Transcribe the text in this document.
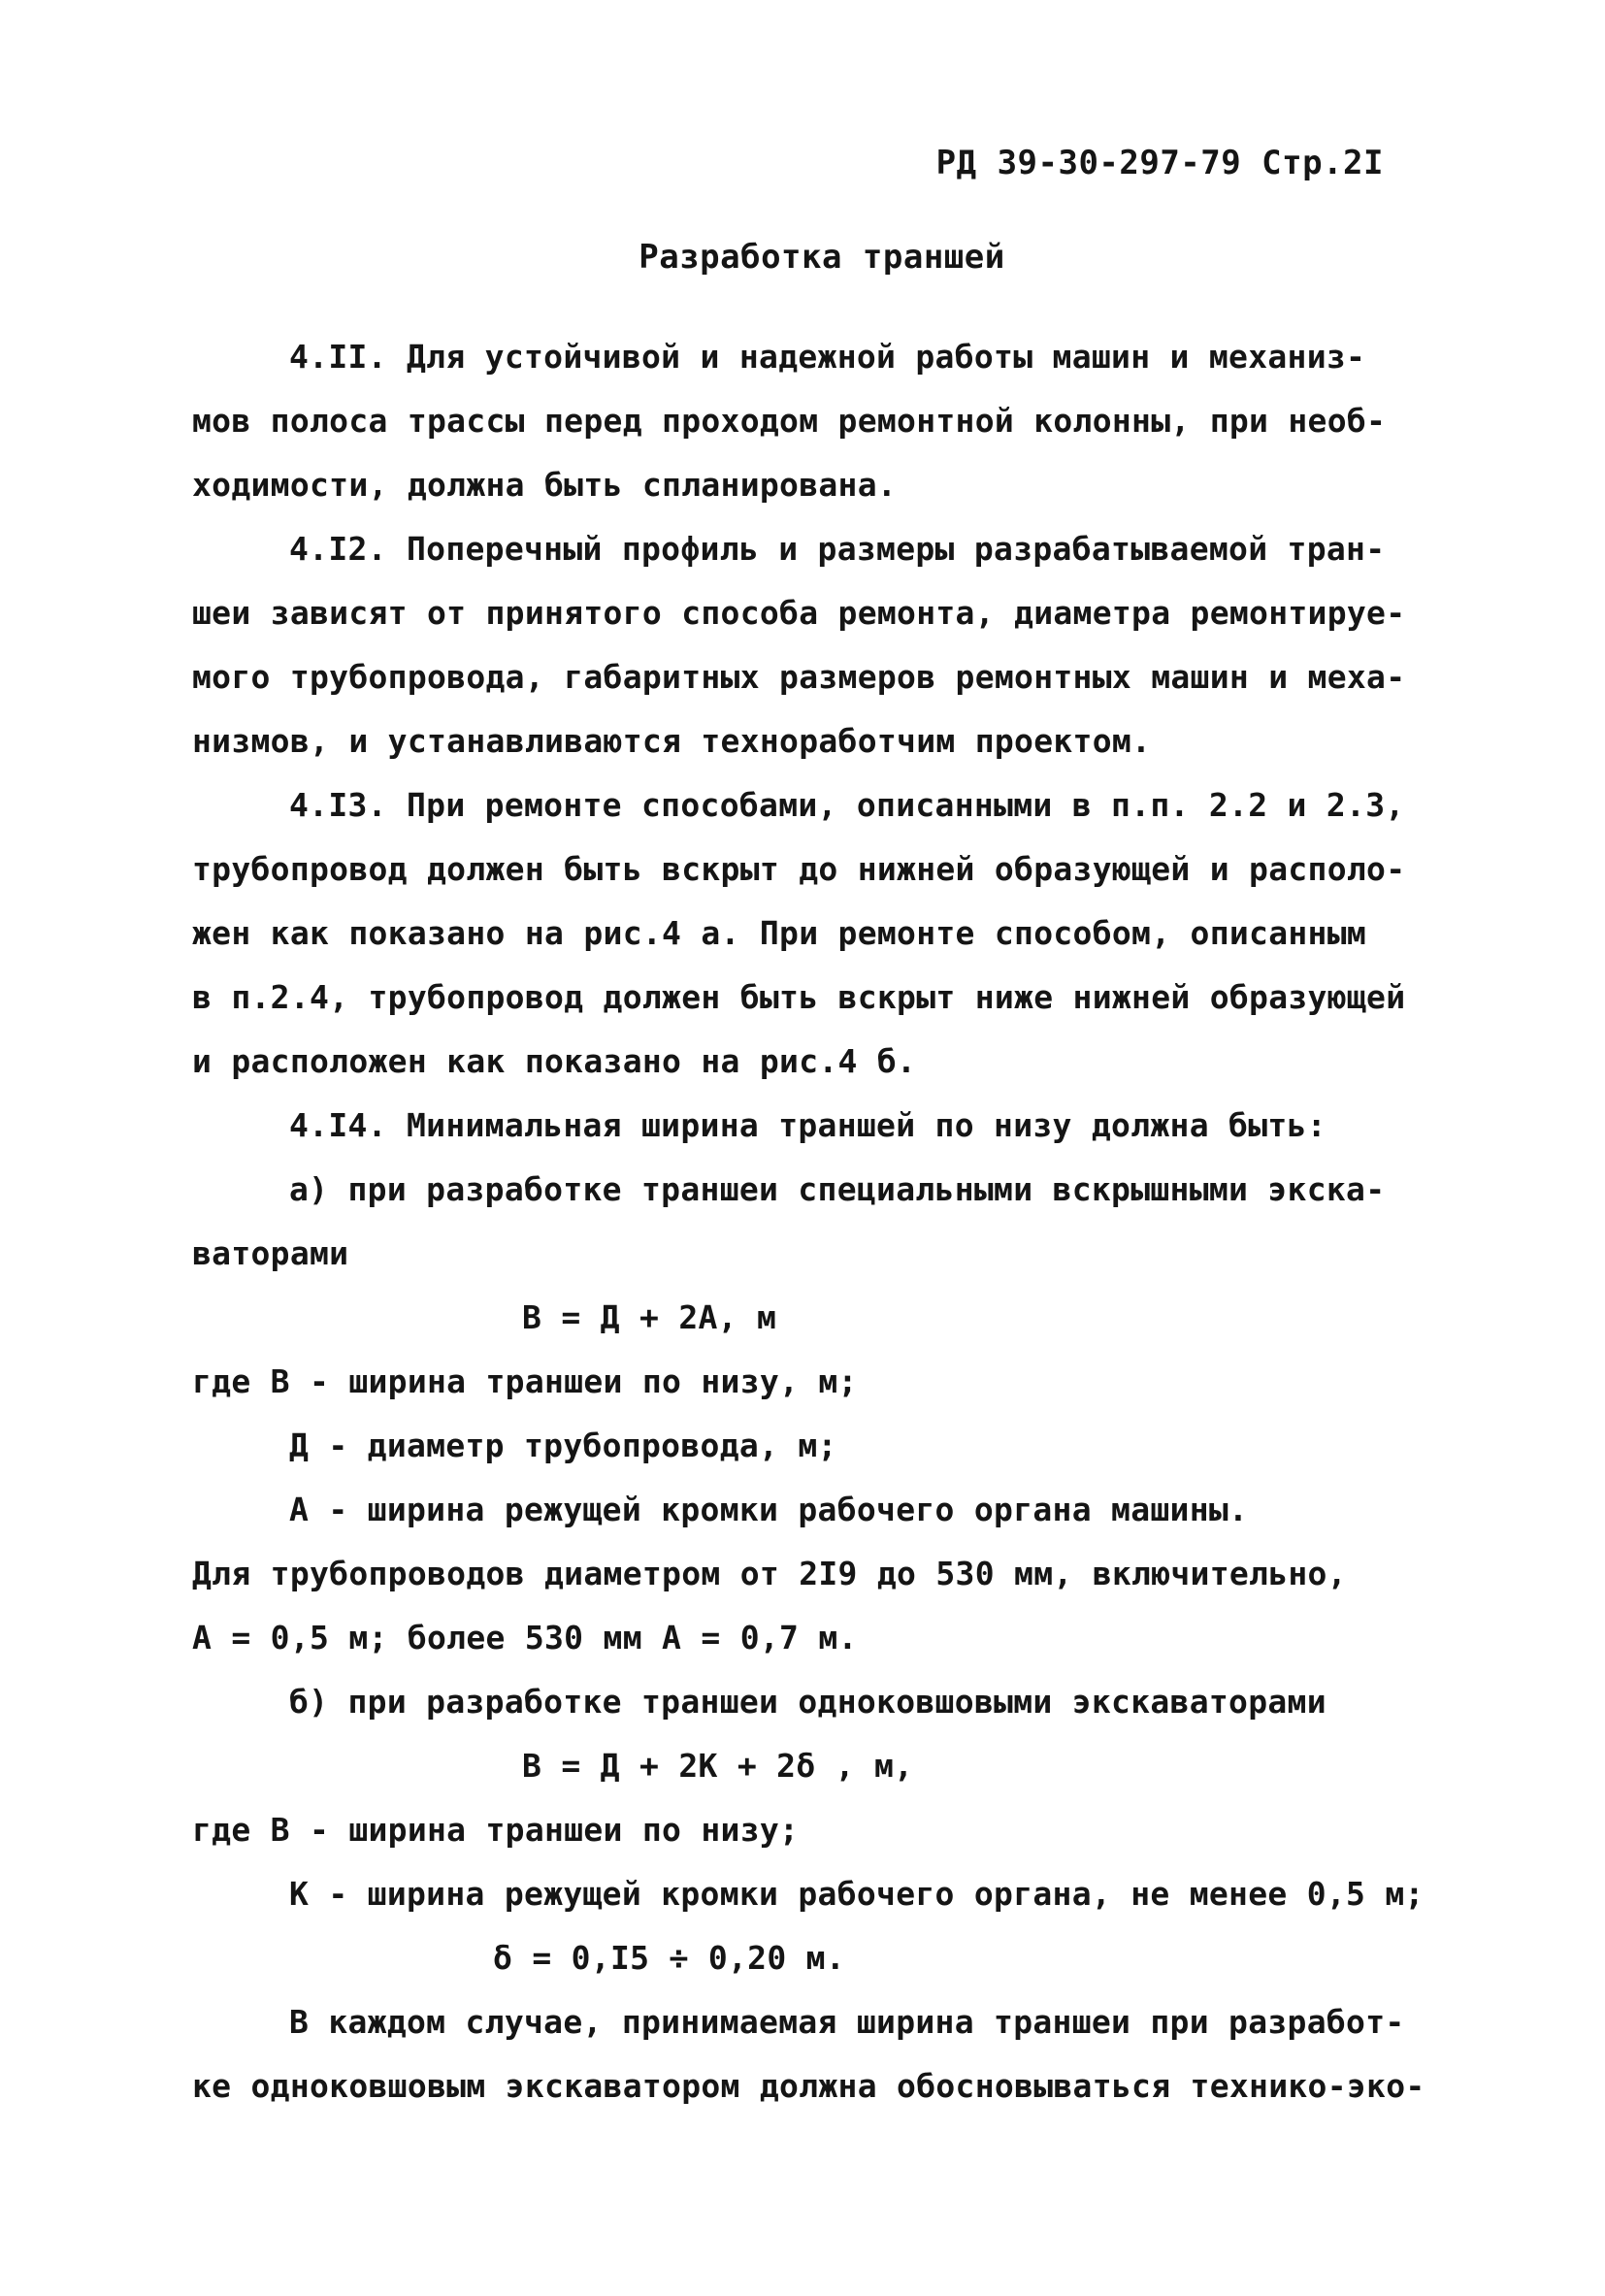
РД 39-30-297-79 Стр.2I
Разработка траншей
4.II. Для устойчивой и надежной работы машин и механиз-
мов полоса трассы перед проходом ремонтной колонны, при необ-
ходимости, должна быть спланирована.
4.I2. Поперечный профиль и размеры разрабатываемой тран-
шеи зависят от принятого способа ремонта, диаметра ремонтируе-
мого трубопровода, габаритных размеров ремонтных машин и меха-
низмов, и устанавливаются техноработчим проектом.
4.I3. При ремонте способами, описанными в п.п. 2.2 и 2.3,
трубопровод должен быть вскрыт до нижней образующей и располо-
жен как показано на рис.4 а. При ремонте способом, описанным
в п.2.4, трубопровод должен быть вскрыт ниже нижней образующей
и расположен как показано на рис.4 б.
4.I4. Минимальная ширина траншей по низу должна быть:
а) при разработке траншеи специальными вскрышными экска-
ваторами
В = Д + 2А, м
где В - ширина траншеи по низу, м;
Д - диаметр трубопровода, м;
А - ширина режущей кромки рабочего органа машины.
Для трубопроводов диаметром от 2I9 до 530 мм, включительно,
А = 0,5 м; более 530 мм А = 0,7 м.
б) при разработке траншеи одноковшовыми экскаваторами
В = Д + 2К + 2δ , м,
где В - ширина траншеи по низу;
К - ширина режущей кромки рабочего органа, не менее 0,5 м;
δ = 0,I5 ÷ 0,20 м.
В каждом случае, принимаемая ширина траншеи при разработ-
ке одноковшовым экскаватором должна обосновываться технико-эко-
